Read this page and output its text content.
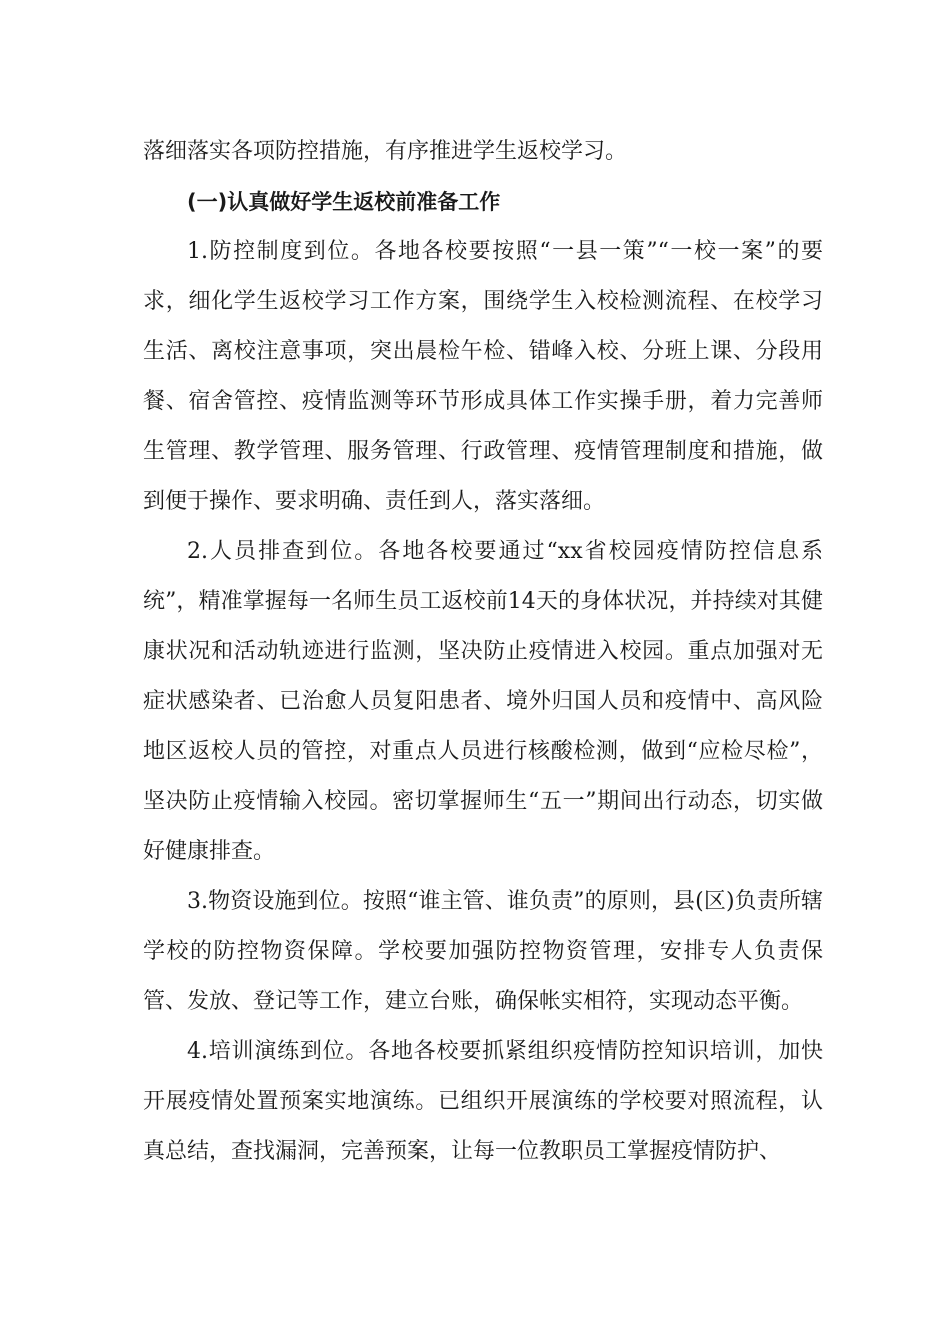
落细落实各项防控措施，有序推进学生返校学习。

(一)认真做好学生返校前准备工作

1.防控制度到位。各地各校要按照“一县一策”“一校一案”的要求，细化学生返校学习工作方案，围绕学生入校检测流程、在校学习生活、离校注意事项，突出晨检午检、错峰入校、分班上课、分段用餐、宿舍管控、疫情监测等环节形成具体工作实操手册，着力完善师生管理、教学管理、服务管理、行政管理、疫情管理制度和措施，做到便于操作、要求明确、责任到人，落实落细。

2.人员排查到位。各地各校要通过“xx省校园疫情防控信息系统”，精准掌握每一名师生员工返校前14天的身体状况，并持续对其健康状况和活动轨迹进行监测，坚决防止疫情进入校园。重点加强对无症状感染者、已治愈人员复阳患者、境外归国人员和疫情中、高风险地区返校人员的管控，对重点人员进行核酸检测，做到“应检尽检”，坚决防止疫情输入校园。密切掌握师生“五一”期间出行动态，切实做好健康排查。

3.物资设施到位。按照“谁主管、谁负责”的原则，县(区)负责所辖学校的防控物资保障。学校要加强防控物资管理，安排专人负责保管、发放、登记等工作，建立台账，确保帐实相符，实现动态平衡。

4.培训演练到位。各地各校要抓紧组织疫情防控知识培训，加快开展疫情处置预案实地演练。已组织开展演练的学校要对照流程，认真总结，查找漏洞，完善预案，让每一位教职员工掌握疫情防护、
